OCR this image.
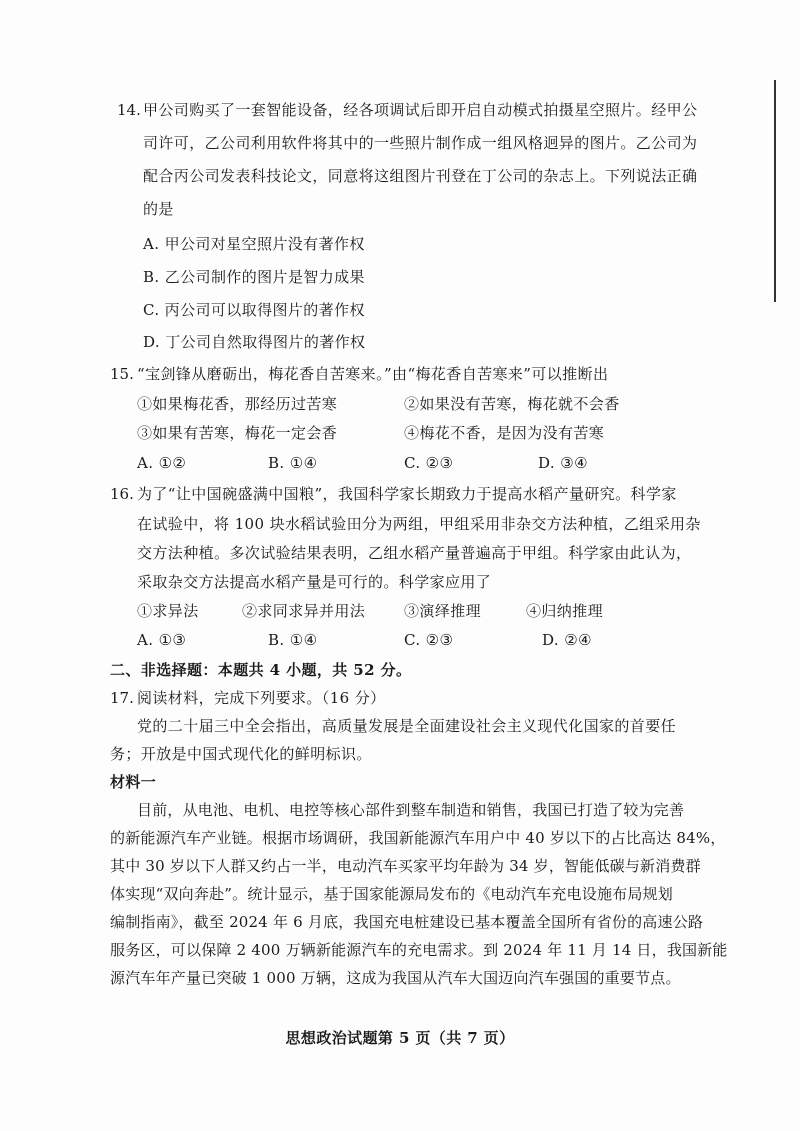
14. 甲公司购买了一套智能设备，经各项调试后即开启自动模式拍摄星空照片。经甲公
司许可，乙公司利用软件将其中的一些照片制作成一组风格迥异的图片。乙公司为
配合丙公司发表科技论文，同意将这组图片刊登在丁公司的杂志上。下列说法正确
的是
A. 甲公司对星空照片没有著作权
B. 乙公司制作的图片是智力成果
C. 丙公司可以取得图片的著作权
D. 丁公司自然取得图片的著作权
15. “宝剑锋从磨砺出，梅花香自苦寒来。”由“梅花香自苦寒来”可以推断出
①如果梅花香，那经历过苦寒	②如果没有苦寒，梅花就不会香
③如果有苦寒，梅花一定会香	④梅花不香，是因为没有苦寒
A. ①②	B. ①④	C. ②③	D. ③④
16. 为了“让中国碗盛满中国粮”，我国科学家长期致力于提高水稻产量研究。科学家
在试验中，将 100 块水稻试验田分为两组，甲组采用非杂交方法种植，乙组采用杂
交方法种植。多次试验结果表明，乙组水稻产量普遍高于甲组。科学家由此认为，
采取杂交方法提高水稻产量是可行的。科学家应用了
①求异法	②求同求异并用法	③演绎推理	④归纳推理
A. ①③	B. ①④	C. ②③	D. ②④
二、非选择题：本题共 4 小题，共 52 分。
17. 阅读材料，完成下列要求。（16 分）
党的二十届三中全会指出，高质量发展是全面建设社会主义现代化国家的首要任
务；开放是中国式现代化的鲜明标识。
材料一
目前，从电池、电机、电控等核心部件到整车制造和销售，我国已打造了较为完善
的新能源汽车产业链。根据市场调研，我国新能源汽车用户中 40 岁以下的占比高达 84%，
其中 30 岁以下人群又约占一半，电动汽车买家平均年龄为 34 岁，智能低碳与新消费群
体实现“双向奔赴”。统计显示，基于国家能源局发布的《电动汽车充电设施布局规划
编制指南》，截至 2024 年 6 月底，我国充电桩建设已基本覆盖全国所有省份的高速公路
服务区，可以保障 2 400 万辆新能源汽车的充电需求。到 2024 年 11 月 14 日，我国新能
源汽车年产量已突破 1 000 万辆，这成为我国从汽车大国迈向汽车强国的重要节点。
思想政治试题第 5 页（共 7 页）
